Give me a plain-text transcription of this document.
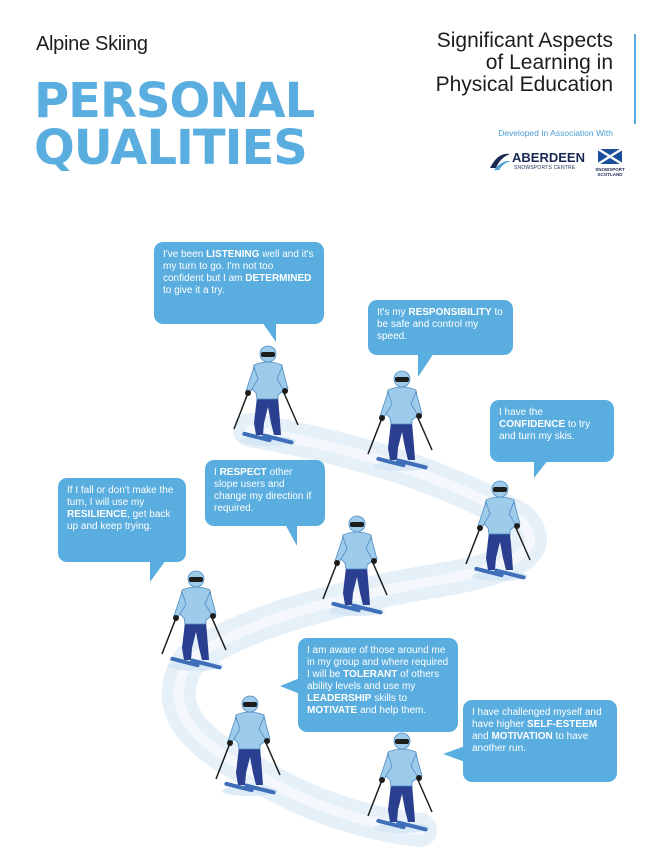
Alpine Skiing
PERSONAL
QUALITIES
Significant Aspects
of Learning in
Physical Education
Developed In Association With
ABERDEEN
SNOWSPORTS CENTRE	SNOWSPORT
SCOTLAND
I've been LISTENING well and it's my turn to go. I'm not too confident but I am DETERMINED to give it a try.
It's my RESPONSIBILITY to be safe and control my speed.
I have the CONFIDENCE to try and turn my skis.
I RESPECT other slope users and change my direction if required.
If I fall or don't make the turn, I will use my RESILIENCE, get back up and keep trying.
I am aware of those around me in my group and where required I will be TOLERANT of others ability levels and use my LEADERSHIP skills to MOTIVATE and help them.	I have challenged myself and have higher SELF-ESTEEM and MOTIVATION to have another run.
